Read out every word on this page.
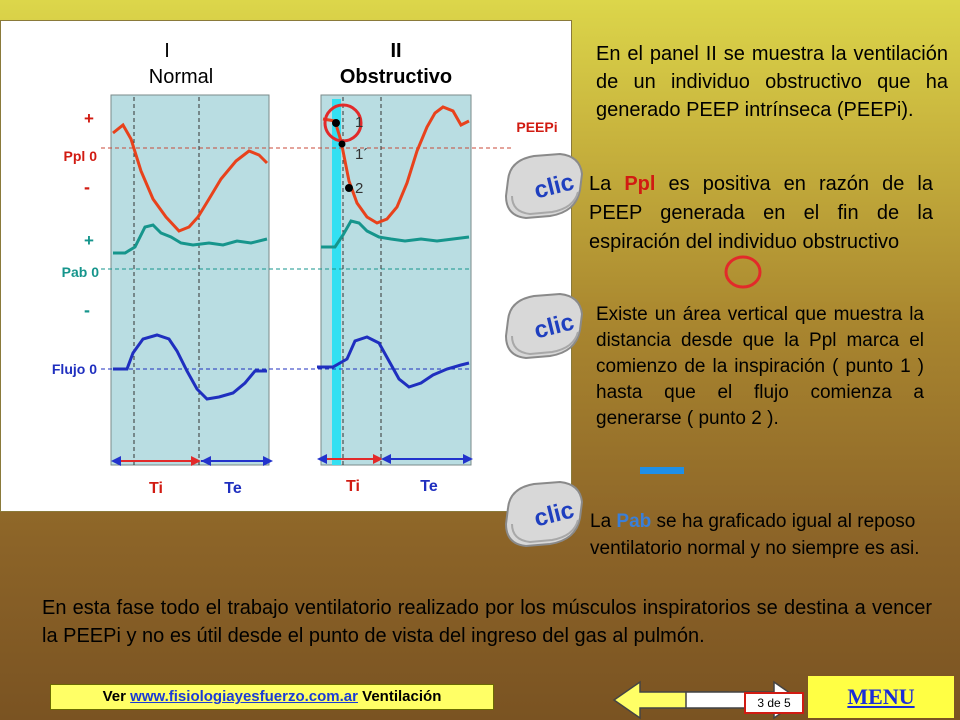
1
1´
2
I
Normal
II
Obstructivo
+
Ppl 0
-
+
Pab 0
-
Flujo 0
PEEPi
Ti	Te	Ti	Te
En el panel II se muestra la ventilación de un individuo obstructivo que ha generado PEEP intrínseca (PEEPi).
La Ppl es positiva en razón de la PEEP generada en el fin de la espiración del individuo obstructivo
Existe un área vertical que muestra la distancia desde que la Ppl marca el comienzo de la inspiración ( punto 1 ) hasta que el flujo comienza a generarse ( punto 2 ).
La Pab se ha graficado igual al reposo ventilatorio normal y no siempre es asi.
clic
clic
clic
En esta fase todo el trabajo ventilatorio realizado por los músculos inspiratorios se destina a vencer la PEEPi y no es útil desde el punto de vista del ingreso del gas al pulmón.
Ver www.fisiologiayesfuerzo.com.ar Ventilación	3 de 5	MENU
